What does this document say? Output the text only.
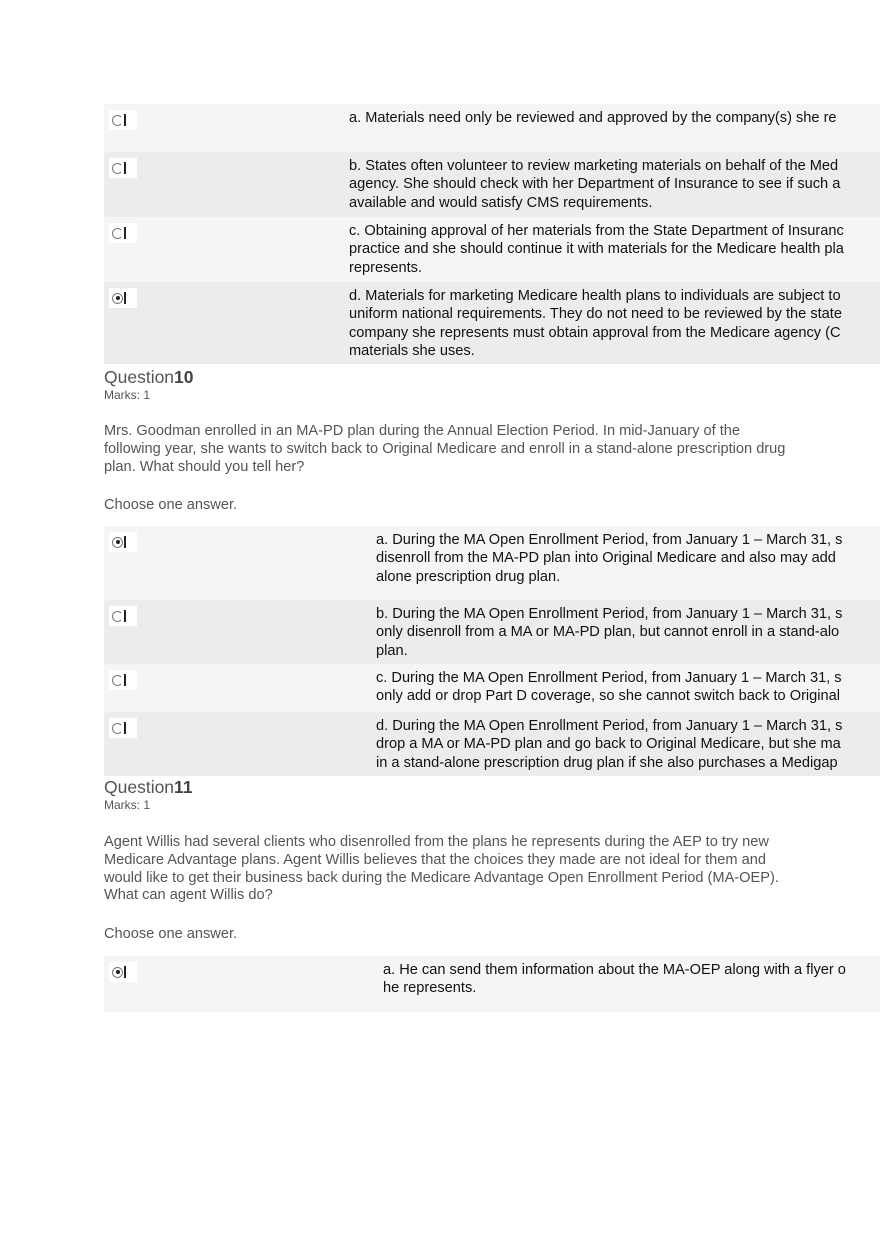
a. Materials need only be reviewed and approved by the company(s) she re
b. States often volunteer to review marketing materials on behalf of the Med
agency. She should check with her Department of Insurance to see if such a
available and would satisfy CMS requirements.
c. Obtaining approval of her materials from the State Department of Insuranc
practice and she should continue it with materials for the Medicare health pla
represents.
d. Materials for marketing Medicare health plans to individuals are subject to
uniform national requirements. They do not need to be reviewed by the state
company she represents must obtain approval from the Medicare agency (C
materials she uses.
Question10
Marks: 1
Mrs. Goodman enrolled in an MA-PD plan during the Annual Election Period. In mid-January of the following year, she wants to switch back to Original Medicare and enroll in a stand-alone prescription drug plan. What should you tell her?
Choose one answer.
a. During the MA Open Enrollment Period, from January 1 – March 31, s
disenroll from the MA-PD plan into Original Medicare and also may add
alone prescription drug plan.
b. During the MA Open Enrollment Period, from January 1 – March 31, s
only disenroll from a MA or MA-PD plan, but cannot enroll in a stand-alo
plan.
c. During the MA Open Enrollment Period, from January 1 – March 31, s
only add or drop Part D coverage, so she cannot switch back to Original
d. During the MA Open Enrollment Period, from January 1 – March 31, s
drop a MA or MA-PD plan and go back to Original Medicare, but she ma
in a stand-alone prescription drug plan if she also purchases a Medigap
Question11
Marks: 1
Agent Willis had several clients who disenrolled from the plans he represents during the AEP to try new Medicare Advantage plans. Agent Willis believes that the choices they made are not ideal for them and would like to get their business back during the Medicare Advantage Open Enrollment Period (MA-OEP). What can agent Willis do?
Choose one answer.
a. He can send them information about the MA-OEP along with a flyer o
he represents.
